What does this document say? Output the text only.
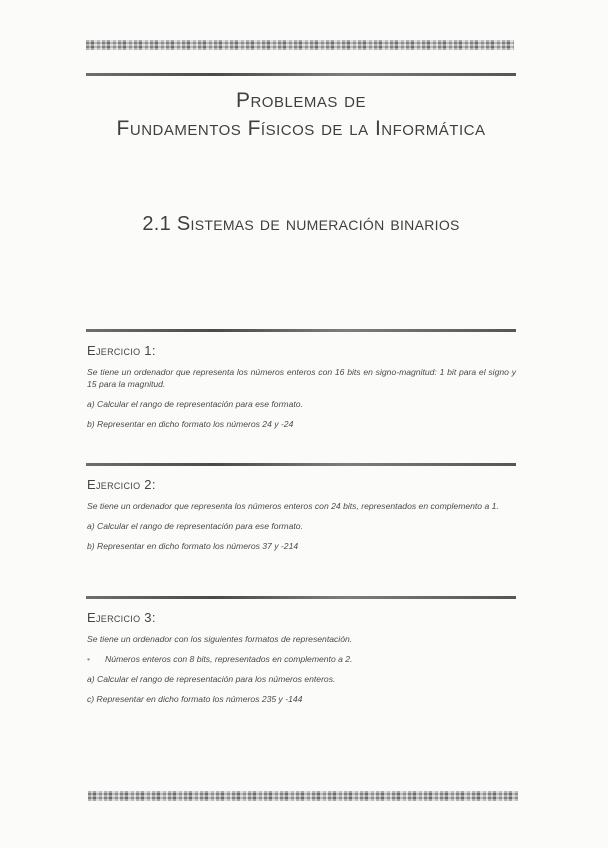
Problemas de
Fundamentos Físicos de la Informática
2.1 Sistemas de numeración binarios
Ejercicio 1:

Se tiene un ordenador que representa los números enteros con 16 bits en signo-magnitud: 1 bit para el signo y 15 para la magnitud.

a) Calcular el rango de representación para ese formato.

b) Representar en dicho formato los números 24 y -24

Ejercicio 2:

Se tiene un ordenador que representa los números enteros con 24 bits, representados en complemento a 1.

a) Calcular el rango de representación para ese formato.

b) Representar en dicho formato los números 37 y -214

Ejercicio 3:

Se tiene un ordenador con los siguientes formatos de representación.

•	Números enteros con 8 bits, representados en complemento a 2.

a) Calcular el rango de representación para los números enteros.

c) Representar en dicho formato los números 235 y -144
